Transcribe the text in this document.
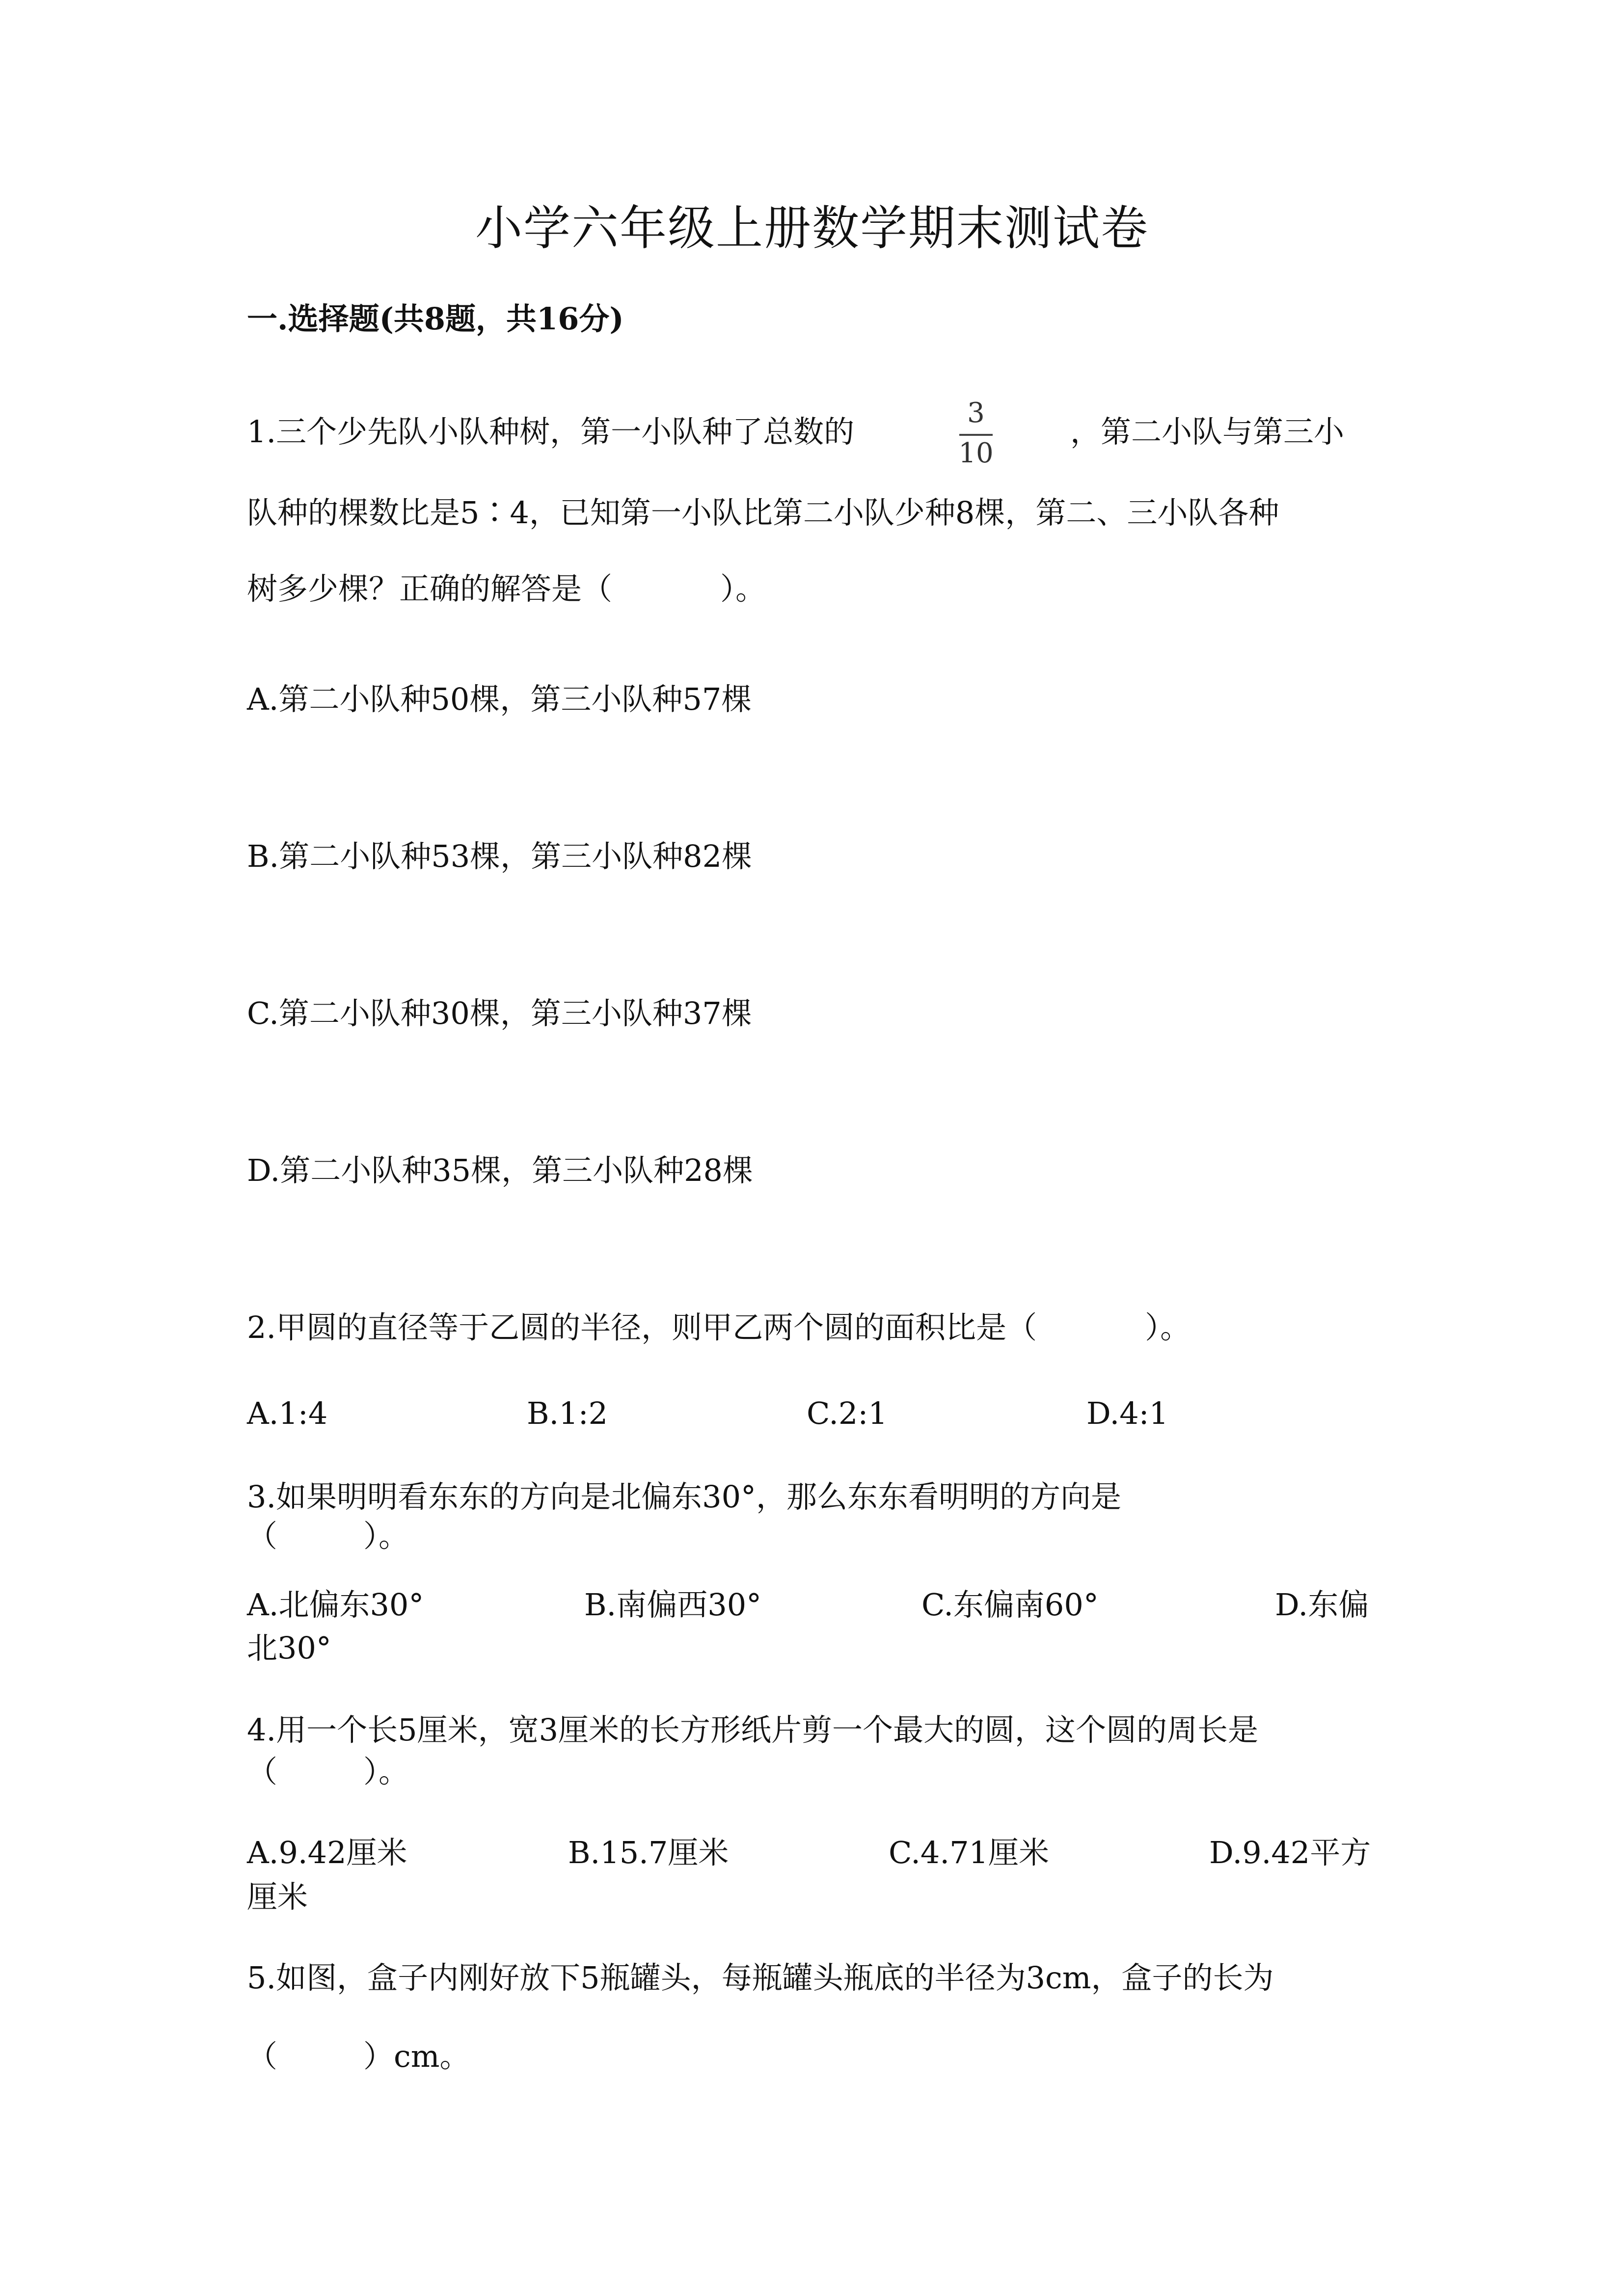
小学六年级上册数学期末测试卷
一.选择题(共8题，共16分)
1.三个少先队小队种树，第一小队种了总数的
3
10
，第二小队与第三小
队种的棵数比是5∶4，已知第一小队比第二小队少种8棵，第二、三小队各种
树多少棵？正确的解答是（	）。
A.第二小队种50棵，第三小队种57棵
B.第二小队种53棵，第三小队种82棵
C.第二小队种30棵，第三小队种37棵
D.第二小队种35棵，第三小队种28棵
2.甲圆的直径等于乙圆的半径，则甲乙两个圆的面积比是（	）。
A.1:4	B.1:2	C.2:1	D.4:1
3.如果明明看东东的方向是北偏东30°，那么东东看明明的方向是
（	）。
A.北偏东30°	B.南偏西30°	C.东偏南60°	D.东偏
北30°
4.用一个长5厘米，宽3厘米的长方形纸片剪一个最大的圆，这个圆的周长是
（	）。
A.9.42厘米	B.15.7厘米	C.4.71厘米	D.9.42平方
厘米
5.如图，盒子内刚好放下5瓶罐头，每瓶罐头瓶底的半径为3cm，盒子的长为
（	）cm。
